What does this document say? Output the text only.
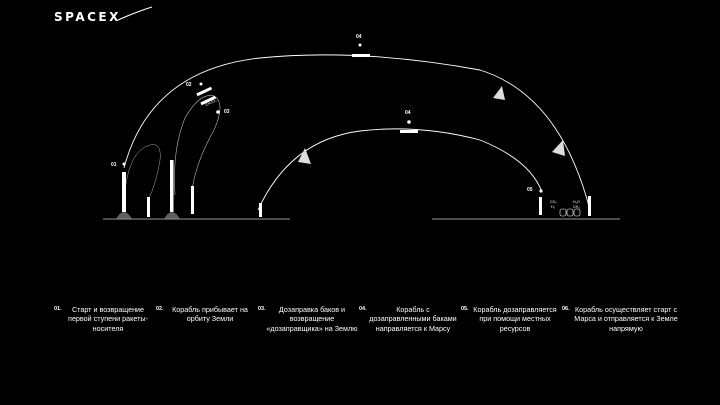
SPACEX
01
02
03
04
04
05
CH₄/O₂
CO₂
H₂
H₂O
CH₄
01.	Старт и возвращение первой ступени ракеты-носителя
02.	Корабль прибывает на орбиту Земли
03.	Дозаправка баков и возвращение «дозаправщика» на Землю
04.	Корабль с дозаправленными баками направляется к Марсу
05. Корабль дозаправляется при помощи местных ресурсов
06. Корабль осуществляет старт с Марса и отправляется к Земле напрямую
